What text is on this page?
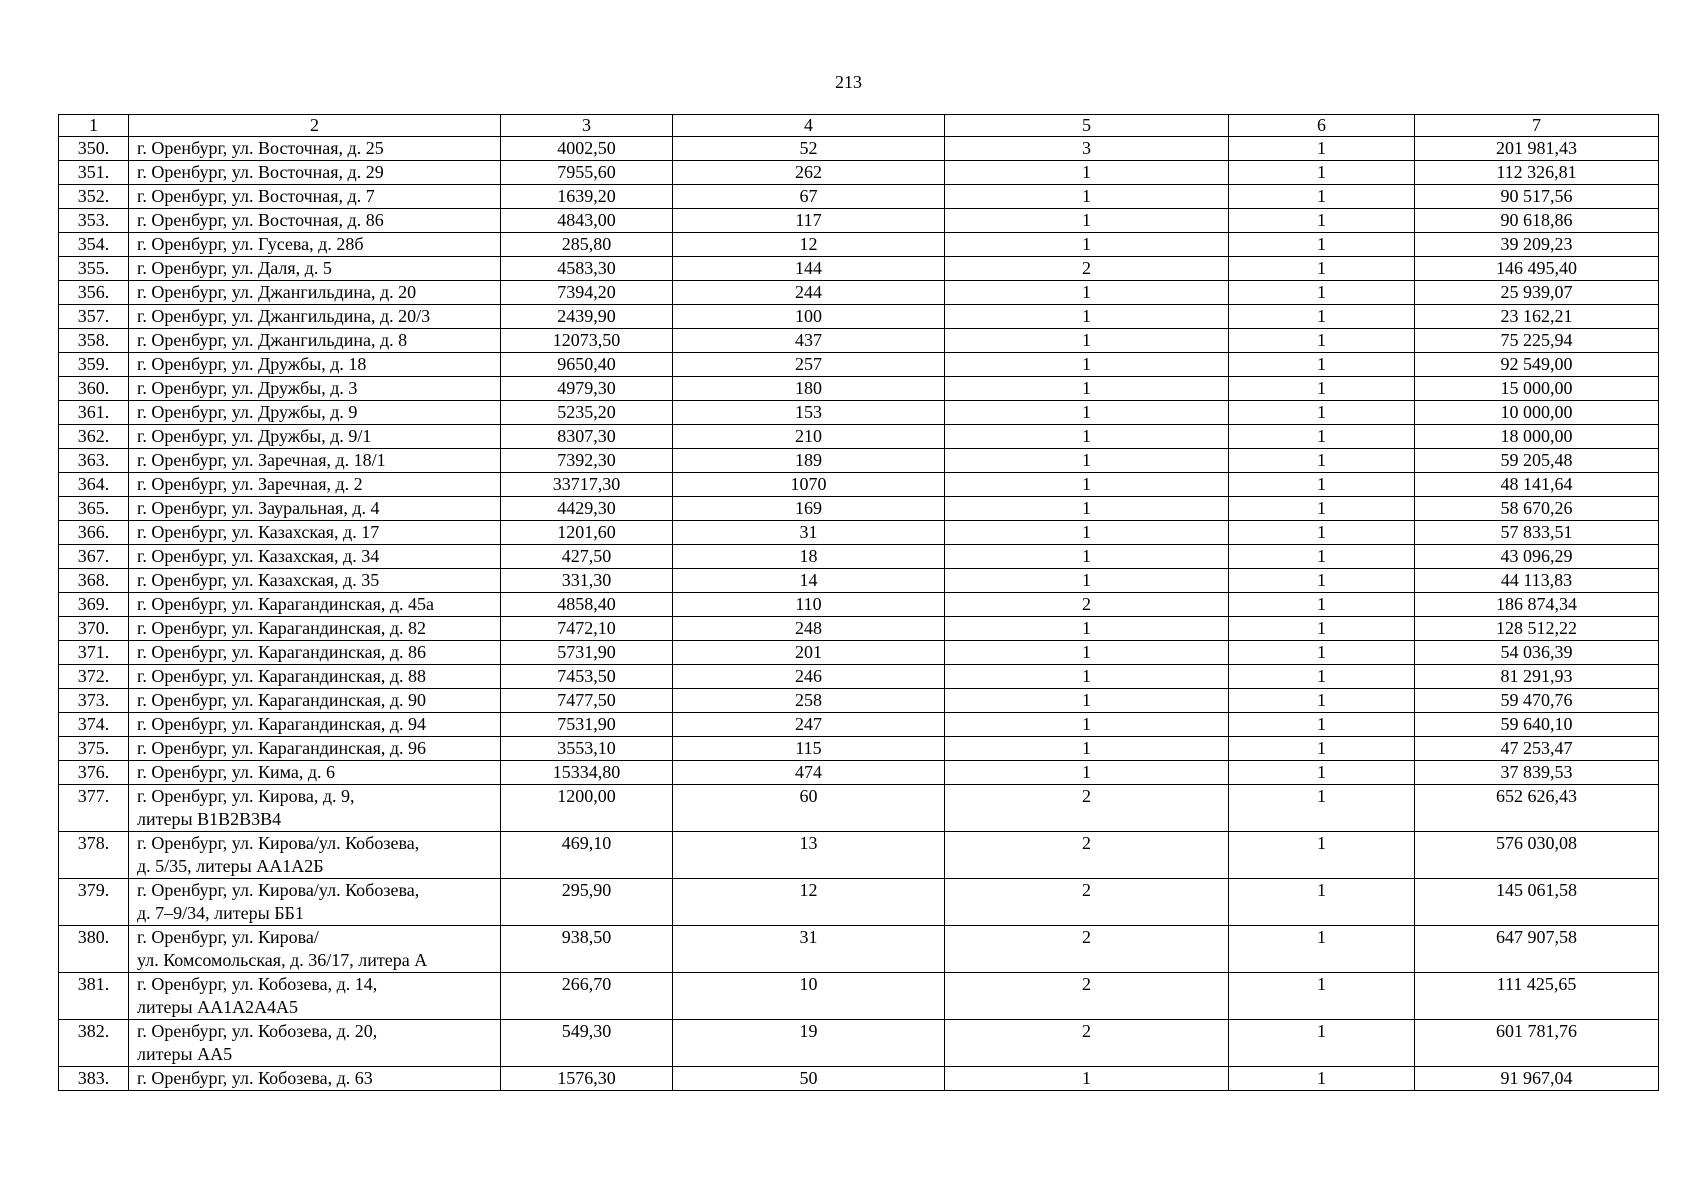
213
1	2	3	4	5	6	7
350.	г. Оренбург, ул. Восточная, д. 25	4002,50	52	3	1	201 981,43
351.	г. Оренбург, ул. Восточная, д. 29	7955,60	262	1	1	112 326,81
352.	г. Оренбург, ул. Восточная, д. 7	1639,20	67	1	1	90 517,56
353.	г. Оренбург, ул. Восточная, д. 86	4843,00	117	1	1	90 618,86
354.	г. Оренбург, ул. Гусева, д. 28б	285,80	12	1	1	39 209,23
355.	г. Оренбург, ул. Даля, д. 5	4583,30	144	2	1	146 495,40
356.	г. Оренбург, ул. Джангильдина, д. 20	7394,20	244	1	1	25 939,07
357.	г. Оренбург, ул. Джангильдина, д. 20/3	2439,90	100	1	1	23 162,21
358.	г. Оренбург, ул. Джангильдина, д. 8	12073,50	437	1	1	75 225,94
359.	г. Оренбург, ул. Дружбы, д. 18	9650,40	257	1	1	92 549,00
360.	г. Оренбург, ул. Дружбы, д. 3	4979,30	180	1	1	15 000,00
361.	г. Оренбург, ул. Дружбы, д. 9	5235,20	153	1	1	10 000,00
362.	г. Оренбург, ул. Дружбы, д. 9/1	8307,30	210	1	1	18 000,00
363.	г. Оренбург, ул. Заречная, д. 18/1	7392,30	189	1	1	59 205,48
364.	г. Оренбург, ул. Заречная, д. 2	33717,30	1070	1	1	48 141,64
365.	г. Оренбург, ул. Зауральная, д. 4	4429,30	169	1	1	58 670,26
366.	г. Оренбург, ул. Казахская, д. 17	1201,60	31	1	1	57 833,51
367.	г. Оренбург, ул. Казахская, д. 34	427,50	18	1	1	43 096,29
368.	г. Оренбург, ул. Казахская, д. 35	331,30	14	1	1	44 113,83
369.	г. Оренбург, ул. Карагандинская, д. 45а	4858,40	110	2	1	186 874,34
370.	г. Оренбург, ул. Карагандинская, д. 82	7472,10	248	1	1	128 512,22
371.	г. Оренбург, ул. Карагандинская, д. 86	5731,90	201	1	1	54 036,39
372.	г. Оренбург, ул. Карагандинская, д. 88	7453,50	246	1	1	81 291,93
373.	г. Оренбург, ул. Карагандинская, д. 90	7477,50	258	1	1	59 470,76
374.	г. Оренбург, ул. Карагандинская, д. 94	7531,90	247	1	1	59 640,10
375.	г. Оренбург, ул. Карагандинская, д. 96	3553,10	115	1	1	47 253,47
376.	г. Оренбург, ул. Кима, д. 6	15334,80	474	1	1	37 839,53
377.	г. Оренбург, ул. Кирова, д. 9,
литеры В1В2В3В4	1200,00	60	2	1	652 626,43
378.	г. Оренбург, ул. Кирова/ул. Кобозева,
д. 5/35, литеры АА1А2Б	469,10	13	2	1	576 030,08
379.	г. Оренбург, ул. Кирова/ул. Кобозева,
д. 7–9/34, литеры ББ1	295,90	12	2	1	145 061,58
380.	г. Оренбург, ул. Кирова/
ул. Комсомольская, д. 36/17, литера А	938,50	31	2	1	647 907,58
381.	г. Оренбург, ул. Кобозева, д. 14,
литеры АА1А2А4А5	266,70	10	2	1	111 425,65
382.	г. Оренбург, ул. Кобозева, д. 20,
литеры АА5	549,30	19	2	1	601 781,76
383.	г. Оренбург, ул. Кобозева, д. 63	1576,30	50	1	1	91 967,04
